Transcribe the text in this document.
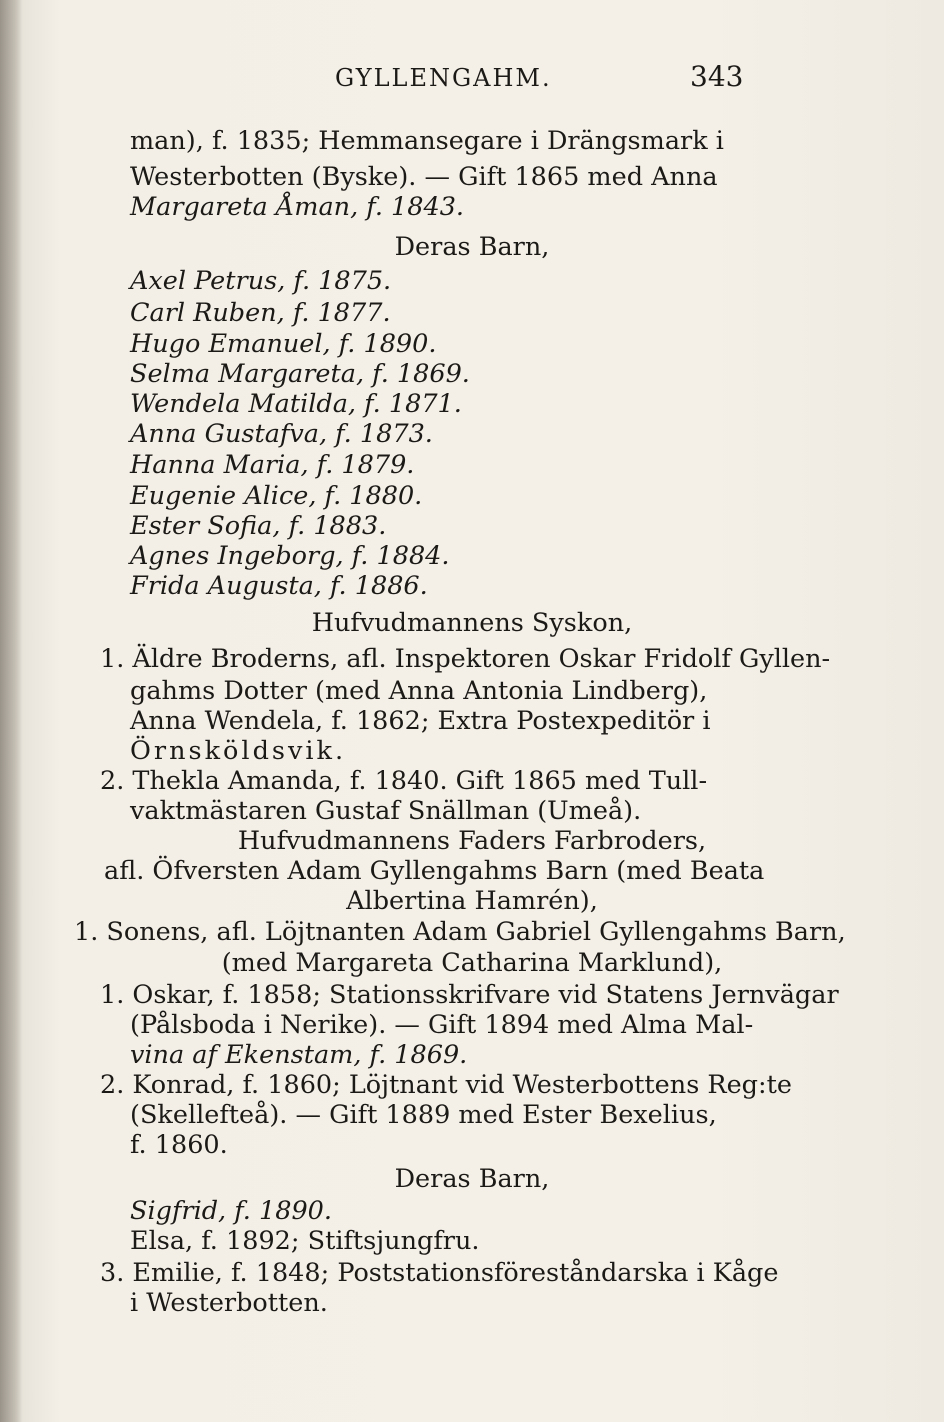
GYLLENGAHM.	343
man), f. 1835; Hemmansegare i Drängsmark i
Westerbotten (Byske). — Gift 1865 med Anna
Margareta Åman, f. 1843.
Deras Barn,
Axel Petrus, f. 1875.
Carl Ruben, f. 1877.
Hugo Emanuel, f. 1890.
Selma Margareta, f. 1869.
Wendela Matilda, f. 1871.
Anna Gustafva, f. 1873.
Hanna Maria, f. 1879.
Eugenie Alice, f. 1880.
Ester Sofia, f. 1883.
Agnes Ingeborg, f. 1884.
Frida Augusta, f. 1886.
Hufvudmannens Syskon,
1. Äldre Broderns, afl. Inspektoren Oskar Fridolf Gyllen-
gahms Dotter (med Anna Antonia Lindberg),
Anna Wendela, f. 1862; Extra Postexpeditör i
Örnsköldsvik.
2. Thekla Amanda, f. 1840. Gift 1865 med Tull-
vaktmästaren Gustaf Snällman (Umeå).
Hufvudmannens Faders Farbroders,
afl. Öfversten Adam Gyllengahms Barn (med Beata
Albertina Hamrén),
1. Sonens, afl. Löjtnanten Adam Gabriel Gyllengahms Barn,
(med Margareta Catharina Marklund),
1. Oskar, f. 1858; Stationsskrifvare vid Statens Jernvägar
(Pålsboda i Nerike). — Gift 1894 med Alma Mal-
vina af Ekenstam, f. 1869.
2. Konrad, f. 1860; Löjtnant vid Westerbottens Reg:te
(Skellefteå). — Gift 1889 med Ester Bexelius,
f. 1860.
Deras Barn,
Sigfrid, f. 1890.
Elsa, f. 1892; Stiftsjungfru.
3. Emilie, f. 1848; Poststationsföreståndarska i Kåge
i Westerbotten.
